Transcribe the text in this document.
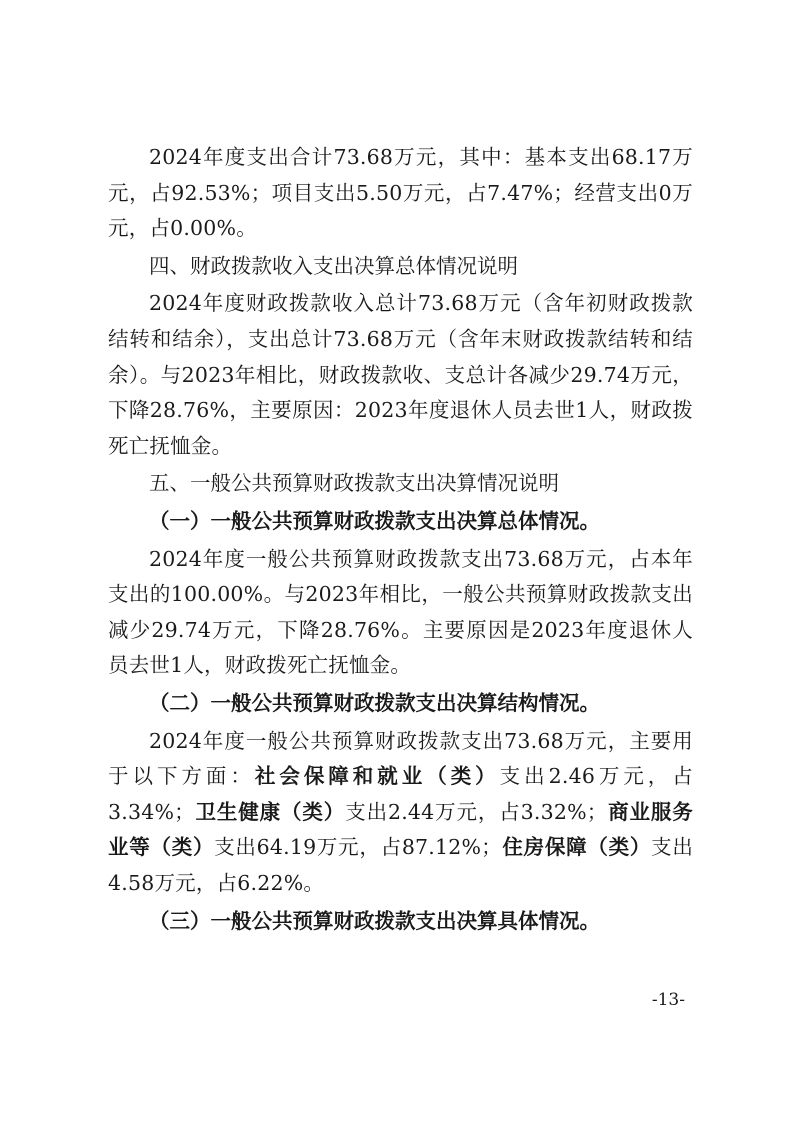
2024年度支出合计73.68万元，其中：基本支出68.17万元，占92.53%；项目支出5.50万元，占7.47%；经营支出0万元，占0.00%。

四、财政拨款收入支出决算总体情况说明

2024年度财政拨款收入总计73.68万元（含年初财政拨款结转和结余），支出总计73.68万元（含年末财政拨款结转和结余）。与2023年相比，财政拨款收、支总计各减少29.74万元，下降28.76%，主要原因：2023年度退休人员去世1人，财政拨死亡抚恤金。

五、一般公共预算财政拨款支出决算情况说明

（一）一般公共预算财政拨款支出决算总体情况。

2024年度一般公共预算财政拨款支出73.68万元，占本年支出的100.00%。与2023年相比，一般公共预算财政拨款支出减少29.74万元，下降28.76%。主要原因是2023年度退休人员去世1人，财政拨死亡抚恤金。

（二）一般公共预算财政拨款支出决算结构情况。

2024年度一般公共预算财政拨款支出73.68万元，主要用于以下方面：社会保障和就业（类）支出2.46万元，占3.34%；卫生健康（类）支出2.44万元，占3.32%；商业服务业等（类）支出64.19万元，占87.12%；住房保障（类）支出4.58万元，占6.22%。

（三）一般公共预算财政拨款支出决算具体情况。

-13-
